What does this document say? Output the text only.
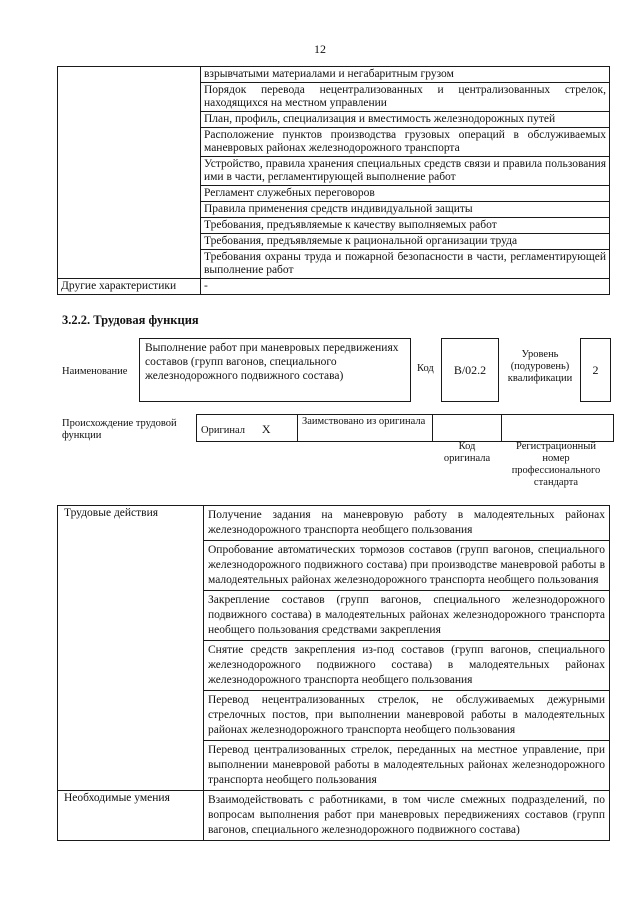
12
	взрывчатыми материалами и негабаритным грузом
	Порядок перевода нецентрализованных и централизованных стрелок, находящихся на местном управлении
	План, профиль, специализация и вместимость железнодорожных путей
	Расположение пунктов производства грузовых операций в обслуживаемых маневровых районах железнодорожного транспорта
	Устройство, правила хранения специальных средств связи и правила пользования ими в части, регламентирующей выполнение работ
	Регламент служебных переговоров
	Правила применения средств индивидуальной защиты
	Требования, предъявляемые к качеству выполняемых работ
	Требования, предъявляемые к рациональной организации труда
	Требования охраны труда и пожарной безопасности в части, регламентирующей выполнение работ
Другие характеристики	-
3.2.2. Трудовая функция
Наименование
Выполнение работ при маневровых передвижениях составов (групп вагонов, специального железнодорожного подвижного состава)
Код	B/02.2
Уровень (подуровень) квалификации
2
Происхождение трудовой функции	Оригинал X	Заимствовано из оригинала		
Код оригинала
Регистрационный номер профессионального стандарта
Трудовые действия	Получение задания на маневровую работу в малодеятельных районах железнодорожного транспорта необщего пользования
	Опробование автоматических тормозов составов (групп вагонов, специального железнодорожного подвижного состава) при производстве маневровой работы в малодеятельных районах железнодорожного транспорта необщего пользования
	Закрепление составов (групп вагонов, специального железнодорожного подвижного состава) в малодеятельных районах железнодорожного транспорта необщего пользования средствами закрепления
	Снятие средств закрепления из-под составов (групп вагонов, специального железнодорожного подвижного состава) в малодеятельных районах железнодорожного транспорта необщего пользования
	Перевод нецентрализованных стрелок, не обслуживаемых дежурными стрелочных постов, при выполнении маневровой работы в малодеятельных районах железнодорожного транспорта необщего пользования
	Перевод централизованных стрелок, переданных на местное управление, при выполнении маневровой работы в малодеятельных районах железнодорожного транспорта необщего пользования
Необходимые умения	Взаимодействовать с работниками, в том числе смежных подразделений, по вопросам выполнения работ при маневровых передвижениях составов (групп вагонов, специального железнодорожного подвижного состава)
